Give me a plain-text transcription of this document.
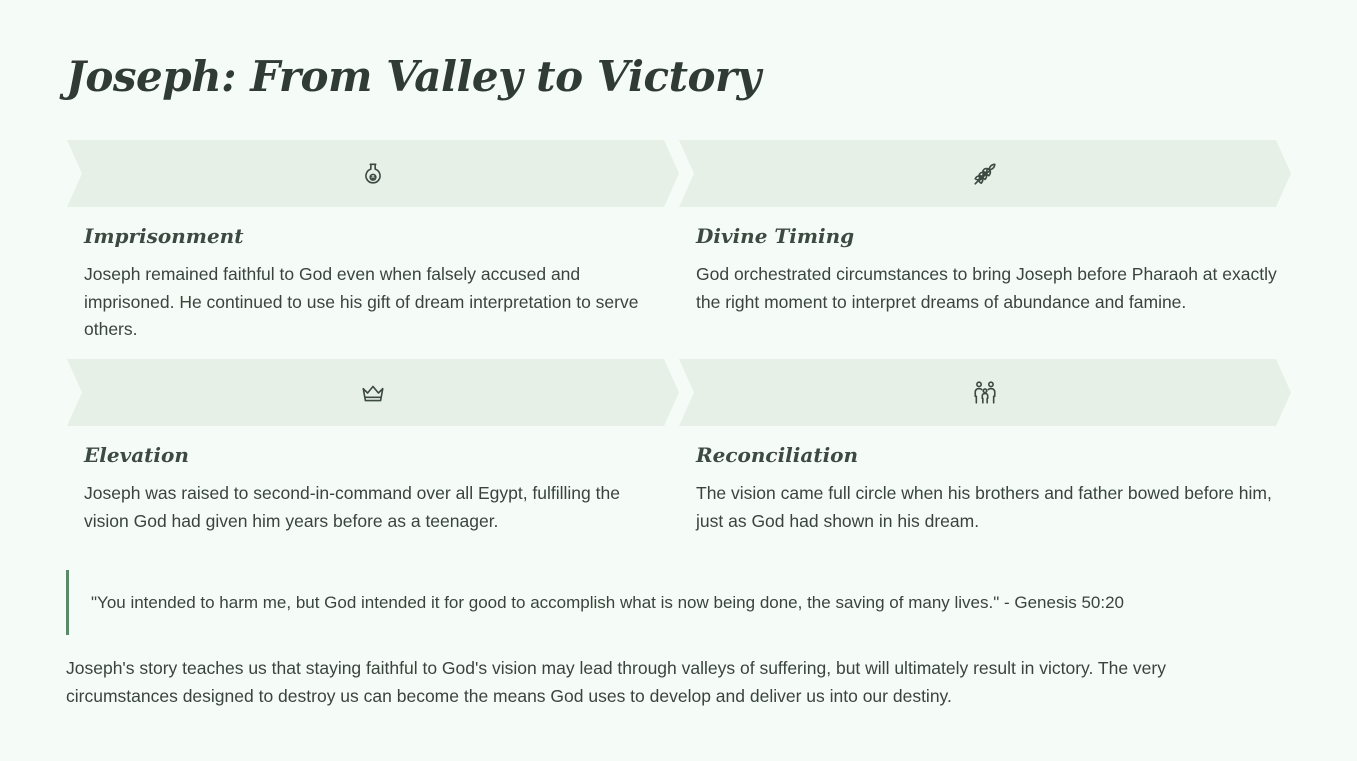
Joseph: From Valley to Victory
Imprisonment
Joseph remained faithful to God even when falsely accused and imprisoned. He continued to use his gift of dream interpretation to serve others.
Divine Timing
God orchestrated circumstances to bring Joseph before Pharaoh at exactly the right moment to interpret dreams of abundance and famine.
Elevation
Joseph was raised to second-in-command over all Egypt, fulfilling the vision God had given him years before as a teenager.
Reconciliation
The vision came full circle when his brothers and father bowed before him, just as God had shown in his dream.
"You intended to harm me, but God intended it for good to accomplish what is now being done, the saving of many lives." - Genesis 50:20

Joseph's story teaches us that staying faithful to God's vision may lead through valleys of suffering, but will ultimately result in victory. The very circumstances designed to destroy us can become the means God uses to develop and deliver us into our destiny.
